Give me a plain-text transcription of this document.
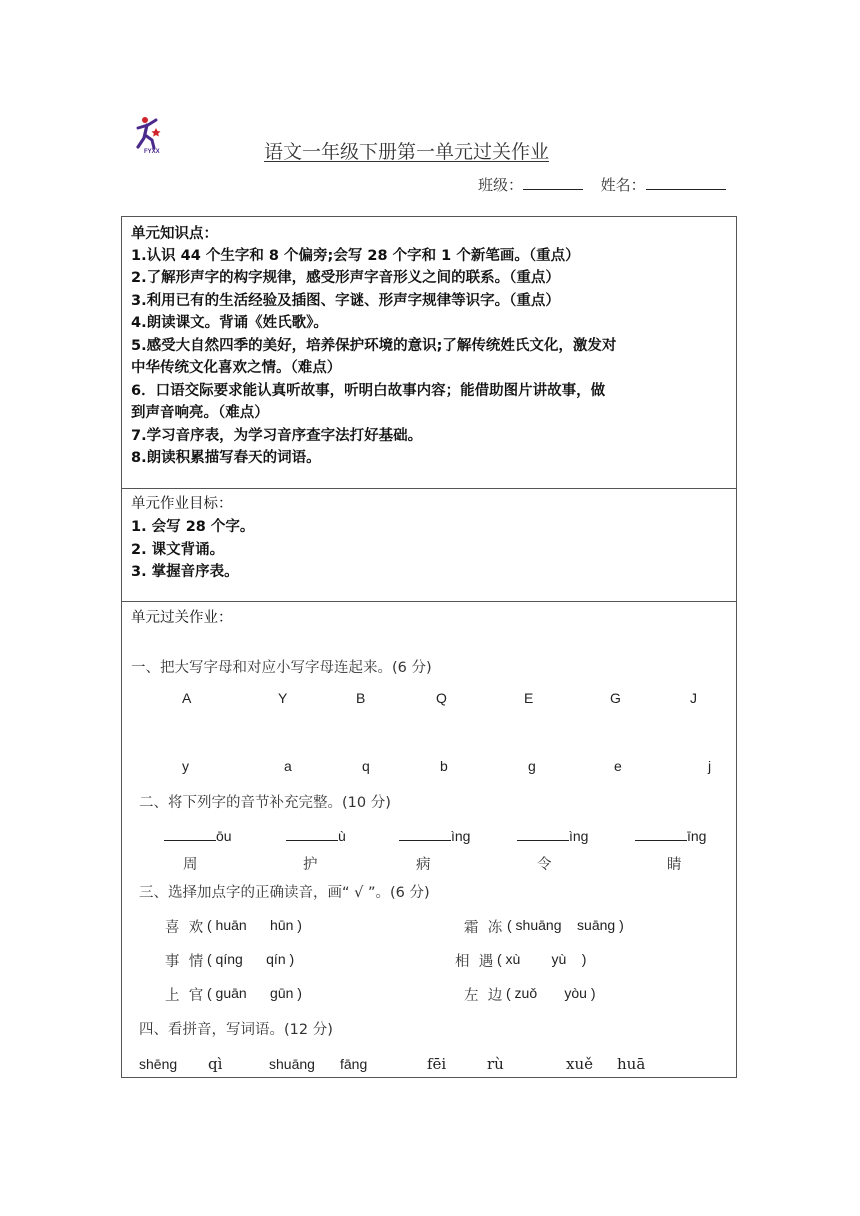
FYXX	语文一年级下册第一单元过关作业
班级：	姓名：
单元知识点：
1.认识 44 个生字和 8 个偏旁;会写 28 个字和 1 个新笔画。（重点）
2.了解形声字的构字规律，感受形声字音形义之间的联系。（重点）
3.利用已有的生活经验及插图、字谜、形声字规律等识字。（重点）
4.朗读课文。背诵《姓氏歌》。
5.感受大自然四季的美好，培养保护环境的意识;了解传统姓氏文化，激发对
中华传统文化喜欢之情。（难点）
6．口语交际要求能认真听故事，听明白故事内容；能借助图片讲故事，做
到声音响亮。（难点）
7.学习音序表，为学习音序查字法打好基础。
8.朗读积累描写春天的词语。
单元作业目标：
1. 会写 28 个字。
2. 课文背诵。
3. 掌握音序表。
单元过关作业：
一、把大写字母和对应小写字母连起来。(6 分)
A	Y	B	Q	E	G	J
y	a	q	b	g	e	j
二、将下列字的音节补充完整。(10 分)
ōu	ù	ìng	ìng	īng
周	护	病	令	睛
三、选择加点字的正确读音，画“ √ ”。(6 分)
喜  欢 ( huān      hūn )	霜  冻 ( shuāng    suāng )
事  情 ( qíng      qín )	相  遇 ( xù        yù    )
上  官 ( guān      gūn )	左  边 ( zuǒ       yòu )
四、看拼音，写词语。(12 分)
shēng qì	shuāng fāng	fēi	rù	xuě huā
